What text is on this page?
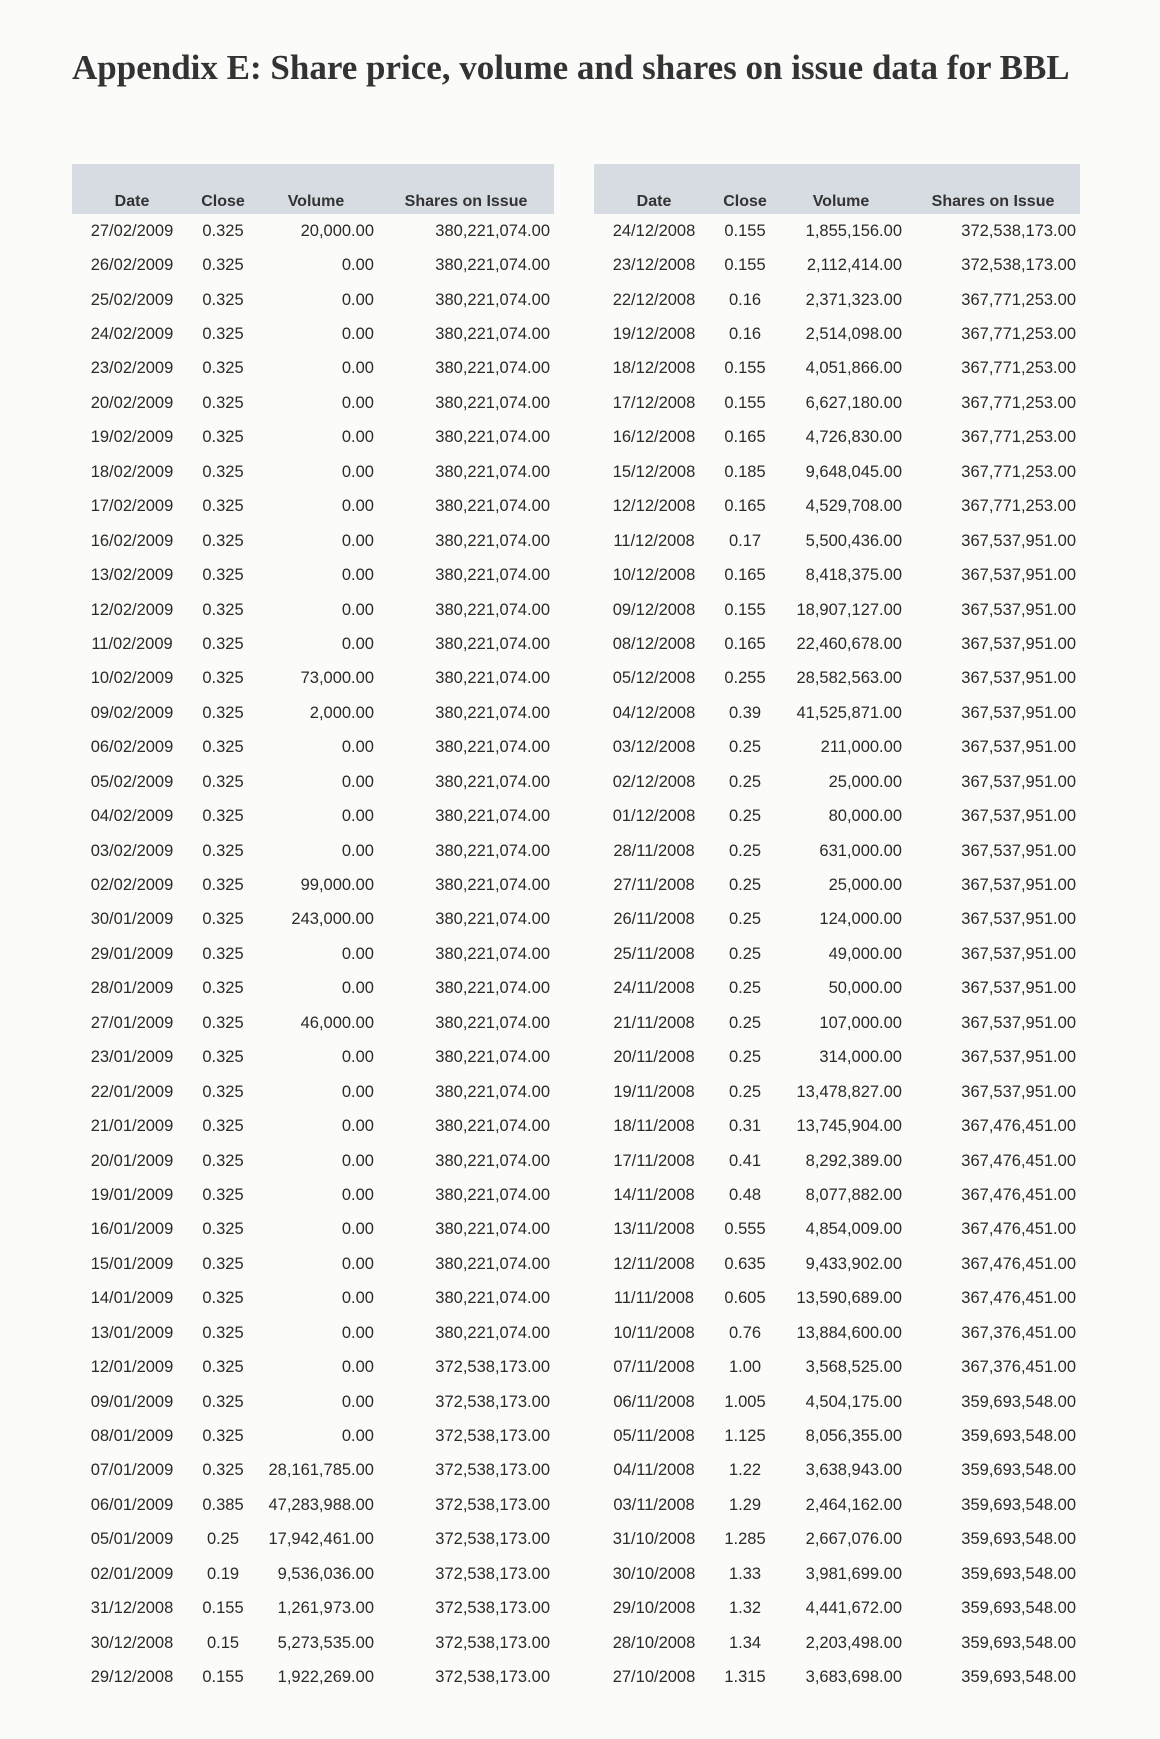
Appendix E: Share price, volume and shares on issue data for BBL
Date	Close	Volume	Shares on Issue

27/02/2009	0.325	20,000.00	380,221,074.00
26/02/2009	0.325	0.00	380,221,074.00
25/02/2009	0.325	0.00	380,221,074.00
24/02/2009	0.325	0.00	380,221,074.00
23/02/2009	0.325	0.00	380,221,074.00
20/02/2009	0.325	0.00	380,221,074.00
19/02/2009	0.325	0.00	380,221,074.00
18/02/2009	0.325	0.00	380,221,074.00
17/02/2009	0.325	0.00	380,221,074.00
16/02/2009	0.325	0.00	380,221,074.00
13/02/2009	0.325	0.00	380,221,074.00
12/02/2009	0.325	0.00	380,221,074.00
11/02/2009	0.325	0.00	380,221,074.00
10/02/2009	0.325	73,000.00	380,221,074.00
09/02/2009	0.325	2,000.00	380,221,074.00
06/02/2009	0.325	0.00	380,221,074.00
05/02/2009	0.325	0.00	380,221,074.00
04/02/2009	0.325	0.00	380,221,074.00
03/02/2009	0.325	0.00	380,221,074.00
02/02/2009	0.325	99,000.00	380,221,074.00
30/01/2009	0.325	243,000.00	380,221,074.00
29/01/2009	0.325	0.00	380,221,074.00
28/01/2009	0.325	0.00	380,221,074.00
27/01/2009	0.325	46,000.00	380,221,074.00
23/01/2009	0.325	0.00	380,221,074.00
22/01/2009	0.325	0.00	380,221,074.00
21/01/2009	0.325	0.00	380,221,074.00
20/01/2009	0.325	0.00	380,221,074.00
19/01/2009	0.325	0.00	380,221,074.00
16/01/2009	0.325	0.00	380,221,074.00
15/01/2009	0.325	0.00	380,221,074.00
14/01/2009	0.325	0.00	380,221,074.00
13/01/2009	0.325	0.00	380,221,074.00
12/01/2009	0.325	0.00	372,538,173.00
09/01/2009	0.325	0.00	372,538,173.00
08/01/2009	0.325	0.00	372,538,173.00
07/01/2009	0.325	28,161,785.00	372,538,173.00
06/01/2009	0.385	47,283,988.00	372,538,173.00
05/01/2009	0.25	17,942,461.00	372,538,173.00
02/01/2009	0.19	9,536,036.00	372,538,173.00
31/12/2008	0.155	1,261,973.00	372,538,173.00
30/12/2008	0.15	5,273,535.00	372,538,173.00
29/12/2008	0.155	1,922,269.00	372,538,173.00
Date	Close	Volume	Shares on Issue

24/12/2008	0.155	1,855,156.00	372,538,173.00
23/12/2008	0.155	2,112,414.00	372,538,173.00
22/12/2008	0.16	2,371,323.00	367,771,253.00
19/12/2008	0.16	2,514,098.00	367,771,253.00
18/12/2008	0.155	4,051,866.00	367,771,253.00
17/12/2008	0.155	6,627,180.00	367,771,253.00
16/12/2008	0.165	4,726,830.00	367,771,253.00
15/12/2008	0.185	9,648,045.00	367,771,253.00
12/12/2008	0.165	4,529,708.00	367,771,253.00
11/12/2008	0.17	5,500,436.00	367,537,951.00
10/12/2008	0.165	8,418,375.00	367,537,951.00
09/12/2008	0.155	18,907,127.00	367,537,951.00
08/12/2008	0.165	22,460,678.00	367,537,951.00
05/12/2008	0.255	28,582,563.00	367,537,951.00
04/12/2008	0.39	41,525,871.00	367,537,951.00
03/12/2008	0.25	211,000.00	367,537,951.00
02/12/2008	0.25	25,000.00	367,537,951.00
01/12/2008	0.25	80,000.00	367,537,951.00
28/11/2008	0.25	631,000.00	367,537,951.00
27/11/2008	0.25	25,000.00	367,537,951.00
26/11/2008	0.25	124,000.00	367,537,951.00
25/11/2008	0.25	49,000.00	367,537,951.00
24/11/2008	0.25	50,000.00	367,537,951.00
21/11/2008	0.25	107,000.00	367,537,951.00
20/11/2008	0.25	314,000.00	367,537,951.00
19/11/2008	0.25	13,478,827.00	367,537,951.00
18/11/2008	0.31	13,745,904.00	367,476,451.00
17/11/2008	0.41	8,292,389.00	367,476,451.00
14/11/2008	0.48	8,077,882.00	367,476,451.00
13/11/2008	0.555	4,854,009.00	367,476,451.00
12/11/2008	0.635	9,433,902.00	367,476,451.00
11/11/2008	0.605	13,590,689.00	367,476,451.00
10/11/2008	0.76	13,884,600.00	367,376,451.00
07/11/2008	1.00	3,568,525.00	367,376,451.00
06/11/2008	1.005	4,504,175.00	359,693,548.00
05/11/2008	1.125	8,056,355.00	359,693,548.00
04/11/2008	1.22	3,638,943.00	359,693,548.00
03/11/2008	1.29	2,464,162.00	359,693,548.00
31/10/2008	1.285	2,667,076.00	359,693,548.00
30/10/2008	1.33	3,981,699.00	359,693,548.00
29/10/2008	1.32	4,441,672.00	359,693,548.00
28/10/2008	1.34	2,203,498.00	359,693,548.00
27/10/2008	1.315	3,683,698.00	359,693,548.00
